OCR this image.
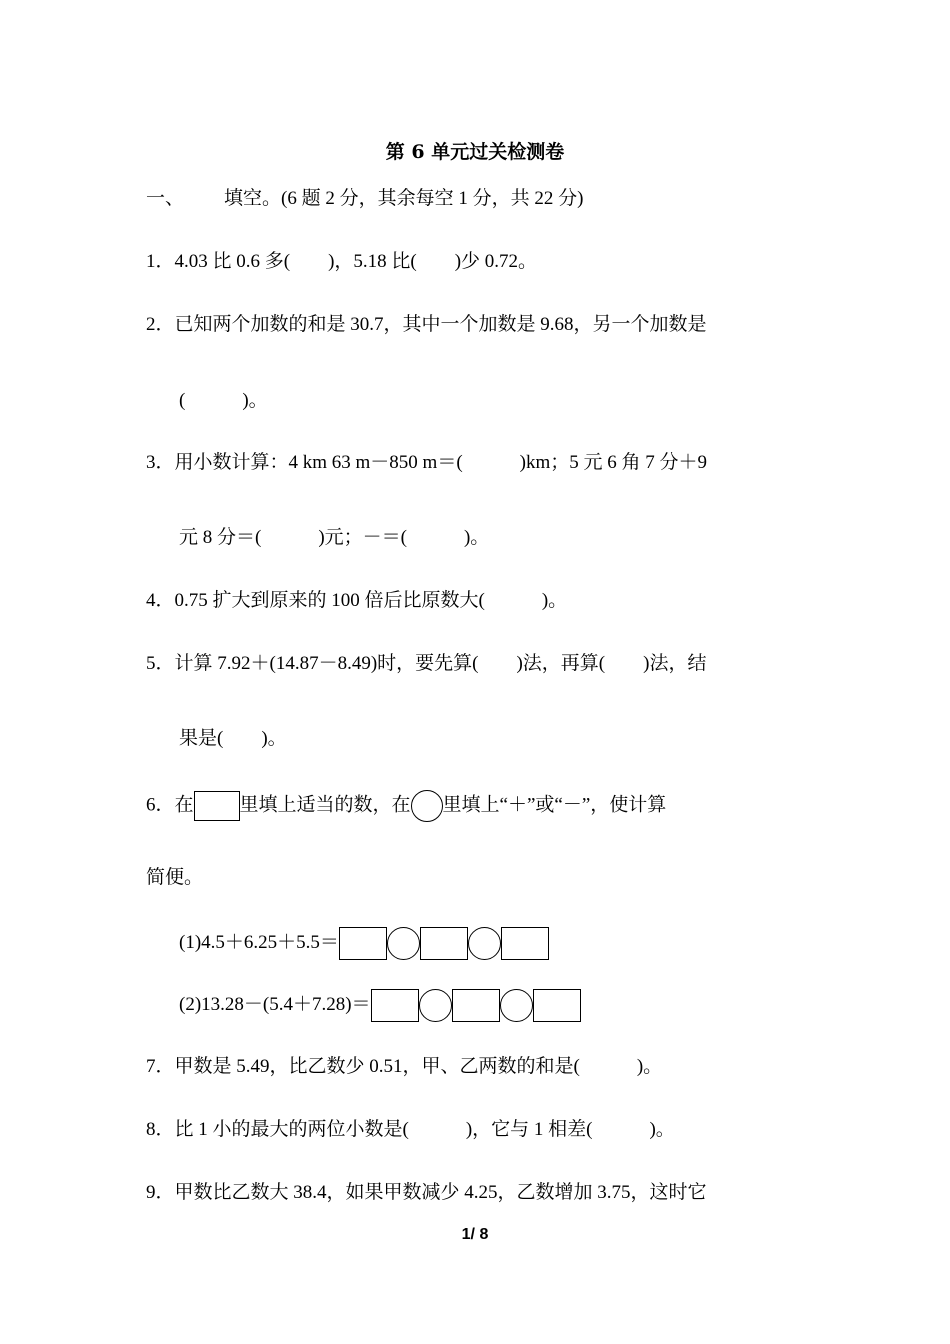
第 6 单元过关检测卷
一、 填空。(6 题 2 分，其余每空 1 分，共 22 分)
1．4.03 比 0.6 多(　　)，5.18 比(　　)少 0.72。
2．已知两个加数的和是 30.7，其中一个加数是 9.68，另一个加数是
(　　　)。
3．用小数计算：4 km 63 m－850 m＝(　　　)km；5 元 6 角 7 分＋9
元 8 分＝(　　　)元；－＝(　　　)。
4．0.75 扩大到原来的 100 倍后比原数大(　　　)。
5．计算 7.92＋(14.87－8.49)时，要先算(　　)法，再算(　　)法，结
果是(　　)。
6．在 里填上适当的数，在 里填上“＋”或“－”，使计算
简便。
(1)4.5＋6.25＋5.5＝
(2)13.28－(5.4＋7.28)＝
7．甲数是 5.49，比乙数少 0.51，甲、乙两数的和是(　　　)。
8．比 1 小的最大的两位小数是(　　　)，它与 1 相差(　　　)。
9．甲数比乙数大 38.4，如果甲数减少 4.25，乙数增加 3.75，这时它
1/ 8
